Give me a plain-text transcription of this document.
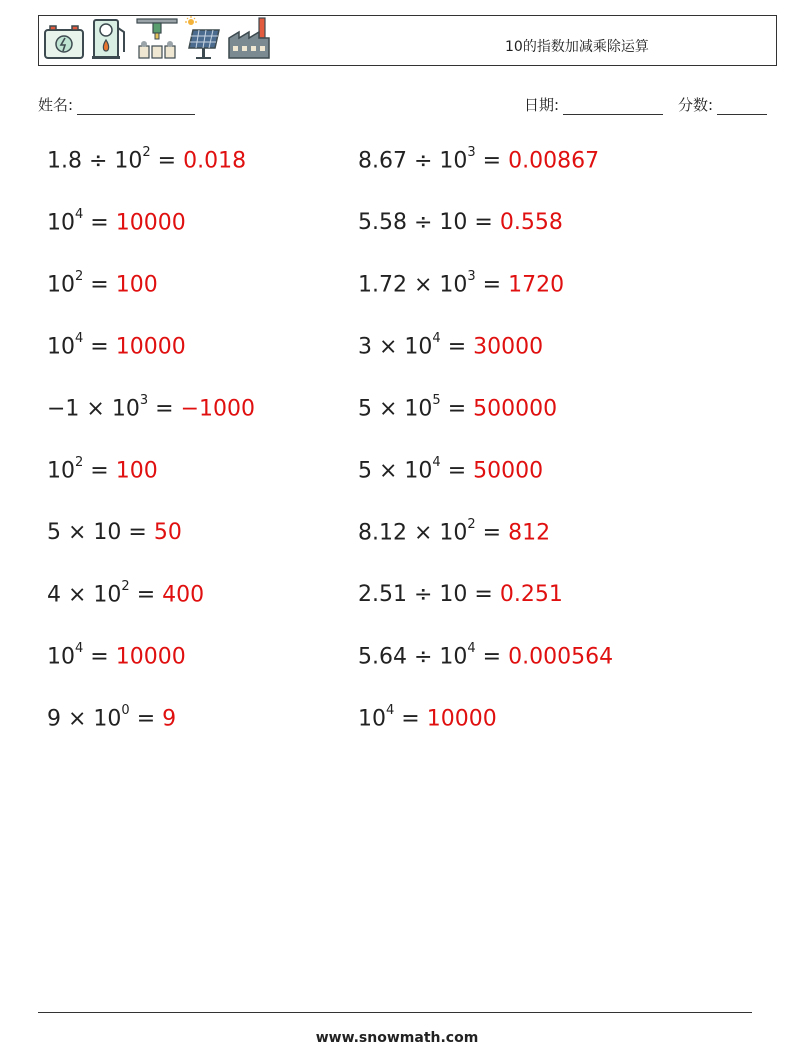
10的指数加减乘除运算
姓名:	日期:	分数:
$1.8 \div 10^2 = 0.018$	$8.67 \div 10^3 = 0.00867$
$10^4 = 10000$	5.58 ÷ 10 = 0.558
$10^2 = 100$	$1.72 \times 10^3 = 1720$
$10^4 = 10000$	$3 \times 10^4 = 30000$
$-1 \times 10^3 = -1000$	$5 \times 10^5 = 500000$
$10^2 = 100$	$5 \times 10^4 = 50000$
5 × 10 = 50	$8.12 \times 10^2 = 812$
$4 \times 10^2 = 400$	2.51 ÷ 10 = 0.251
$10^4 = 10000$	$5.64 \div 10^4 = 0.000564$
$9 \times 10^0 = 9$	$10^4 = 10000$
www.snowmath.com
